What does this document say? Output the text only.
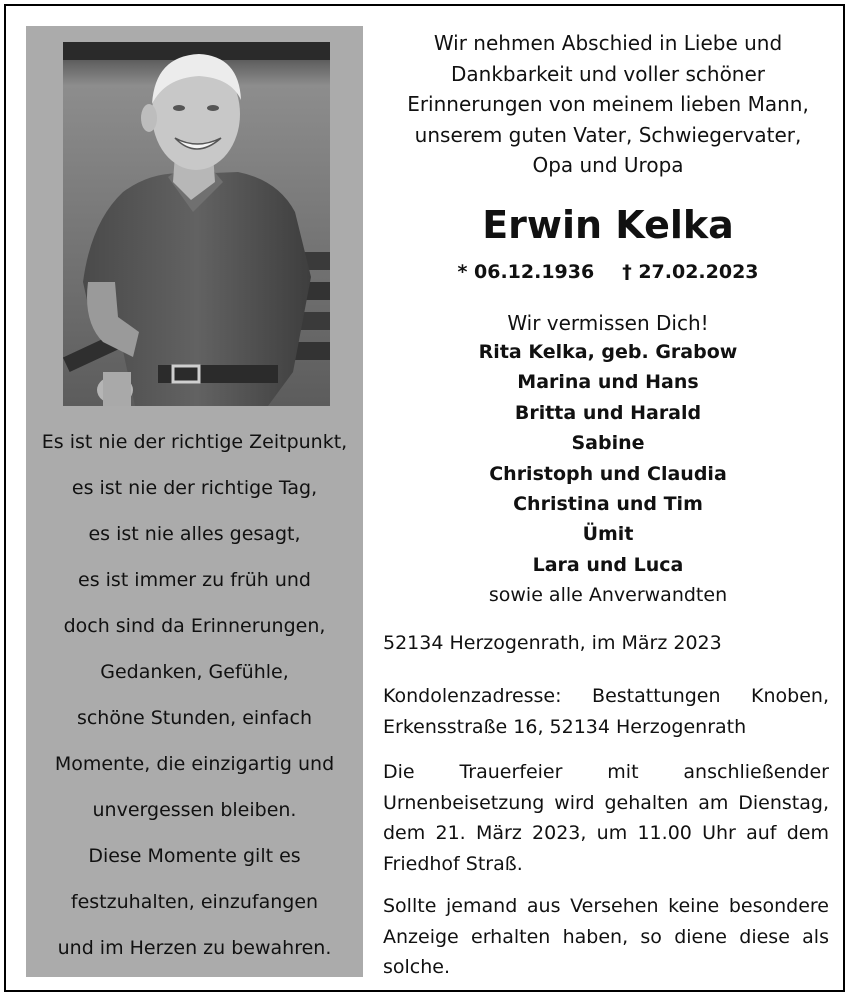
Es ist nie der richtige Zeitpunkt,
es ist nie der richtige Tag,
es ist nie alles gesagt,
es ist immer zu früh und
doch sind da Erinnerungen,
Gedanken, Gefühle,
schöne Stunden, einfach
Momente, die einzigartig und
unvergessen bleiben.
Diese Momente gilt es
festzuhalten, einzufangen
und im Herzen zu bewahren.
Wir nehmen Abschied in Liebe und
Dankbarkeit und voller schöner
Erinnerungen von meinem lieben Mann,
unserem guten Vater, Schwiegervater,
Opa und Uropa
Erwin Kelka
* 06.12.1936 † 27.02.2023
Wir vermissen Dich!
Rita Kelka, geb. Grabow
Marina und Hans
Britta und Harald
Sabine
Christoph und Claudia
Christina und Tim
Ümit
Lara und Luca
sowie alle Anverwandten
52134 Herzogenrath, im März 2023
Kondolenzadresse: Bestattungen Knoben, Erkensstraße 16, 52134 Herzogenrath
Die Trauerfeier mit anschließender Urnenbeisetzung wird gehalten am Dienstag, dem 21. März 2023, um 11.00 Uhr auf dem Friedhof Straß.
Sollte jemand aus Versehen keine besondere Anzeige erhalten haben, so diene diese als solche.
